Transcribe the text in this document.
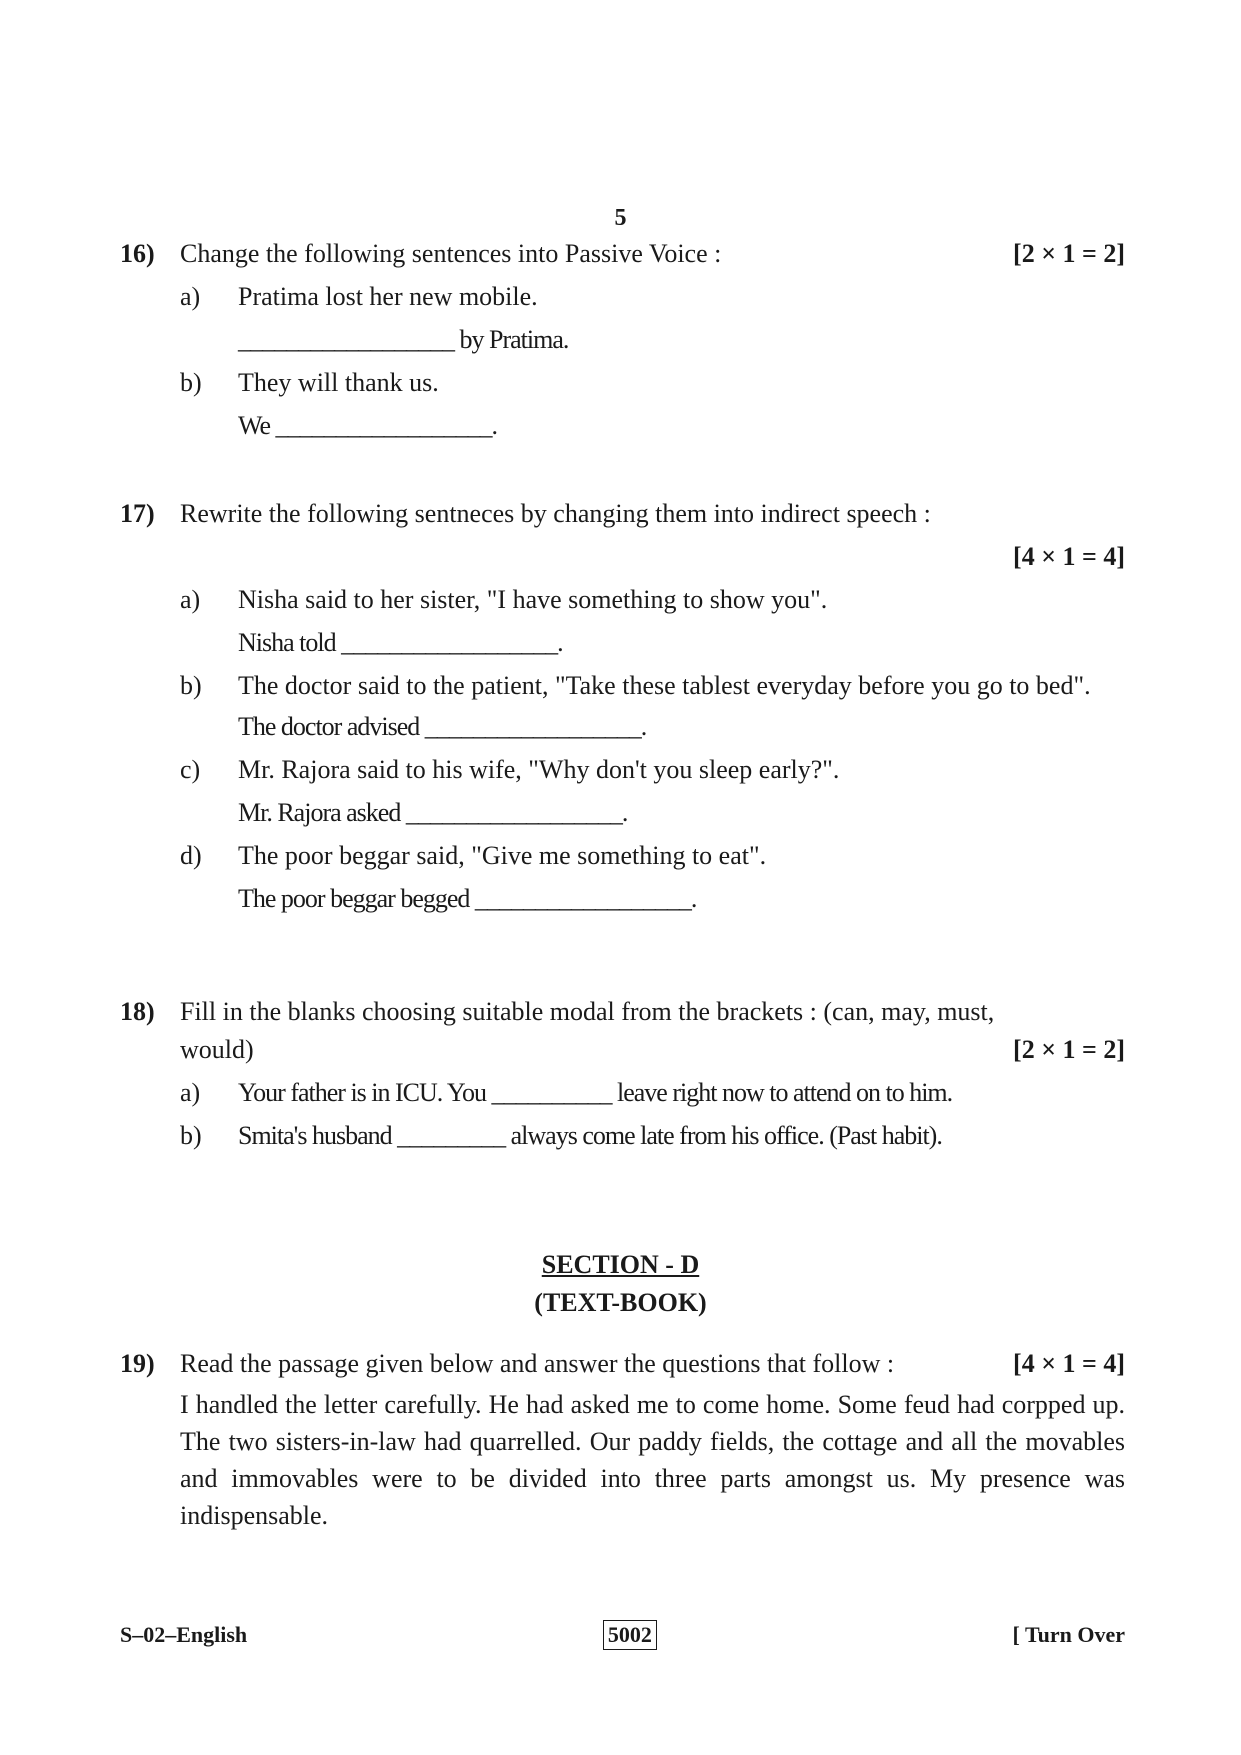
5
16) Change the following sentences into Passive Voice :	[2 × 1 = 2]
a)	Pratima lost her new mobile.
__________________ by Pratima.
b)	They will thank us.
We __________________.
17) Rewrite the following sentneces by changing them into indirect speech :
[4 × 1 = 4]
a)	Nisha said to her sister, "I have something to show you".
Nisha told __________________.
b)	The doctor said to the patient, "Take these tablest everyday before you go to bed".
The doctor advised __________________.
c)	Mr. Rajora said to his wife, "Why don't you sleep early?".
Mr. Rajora asked __________________.
d)	The poor beggar said, "Give me something to eat".
The poor beggar begged __________________.
18) Fill in the blanks choosing suitable modal from the brackets : (can, may, must,
would)	[2 × 1 = 2]
a)	Your father is in ICU. You __________ leave right now to attend on to him.
b)	Smita's husband _________ always come late from his office. (Past habit).
SECTION - D
(TEXT-BOOK)
19) Read the passage given below and answer the questions that follow :	[4 × 1 = 4]
I handled the letter carefully. He had asked me to come home. Some feud had corpped up. The two sisters-in-law had quarrelled. Our paddy fields, the cottage and all the movables and immovables were to be divided into three parts amongst us. My presence was indispensable.
S–02–English	5002	[ Turn Over
